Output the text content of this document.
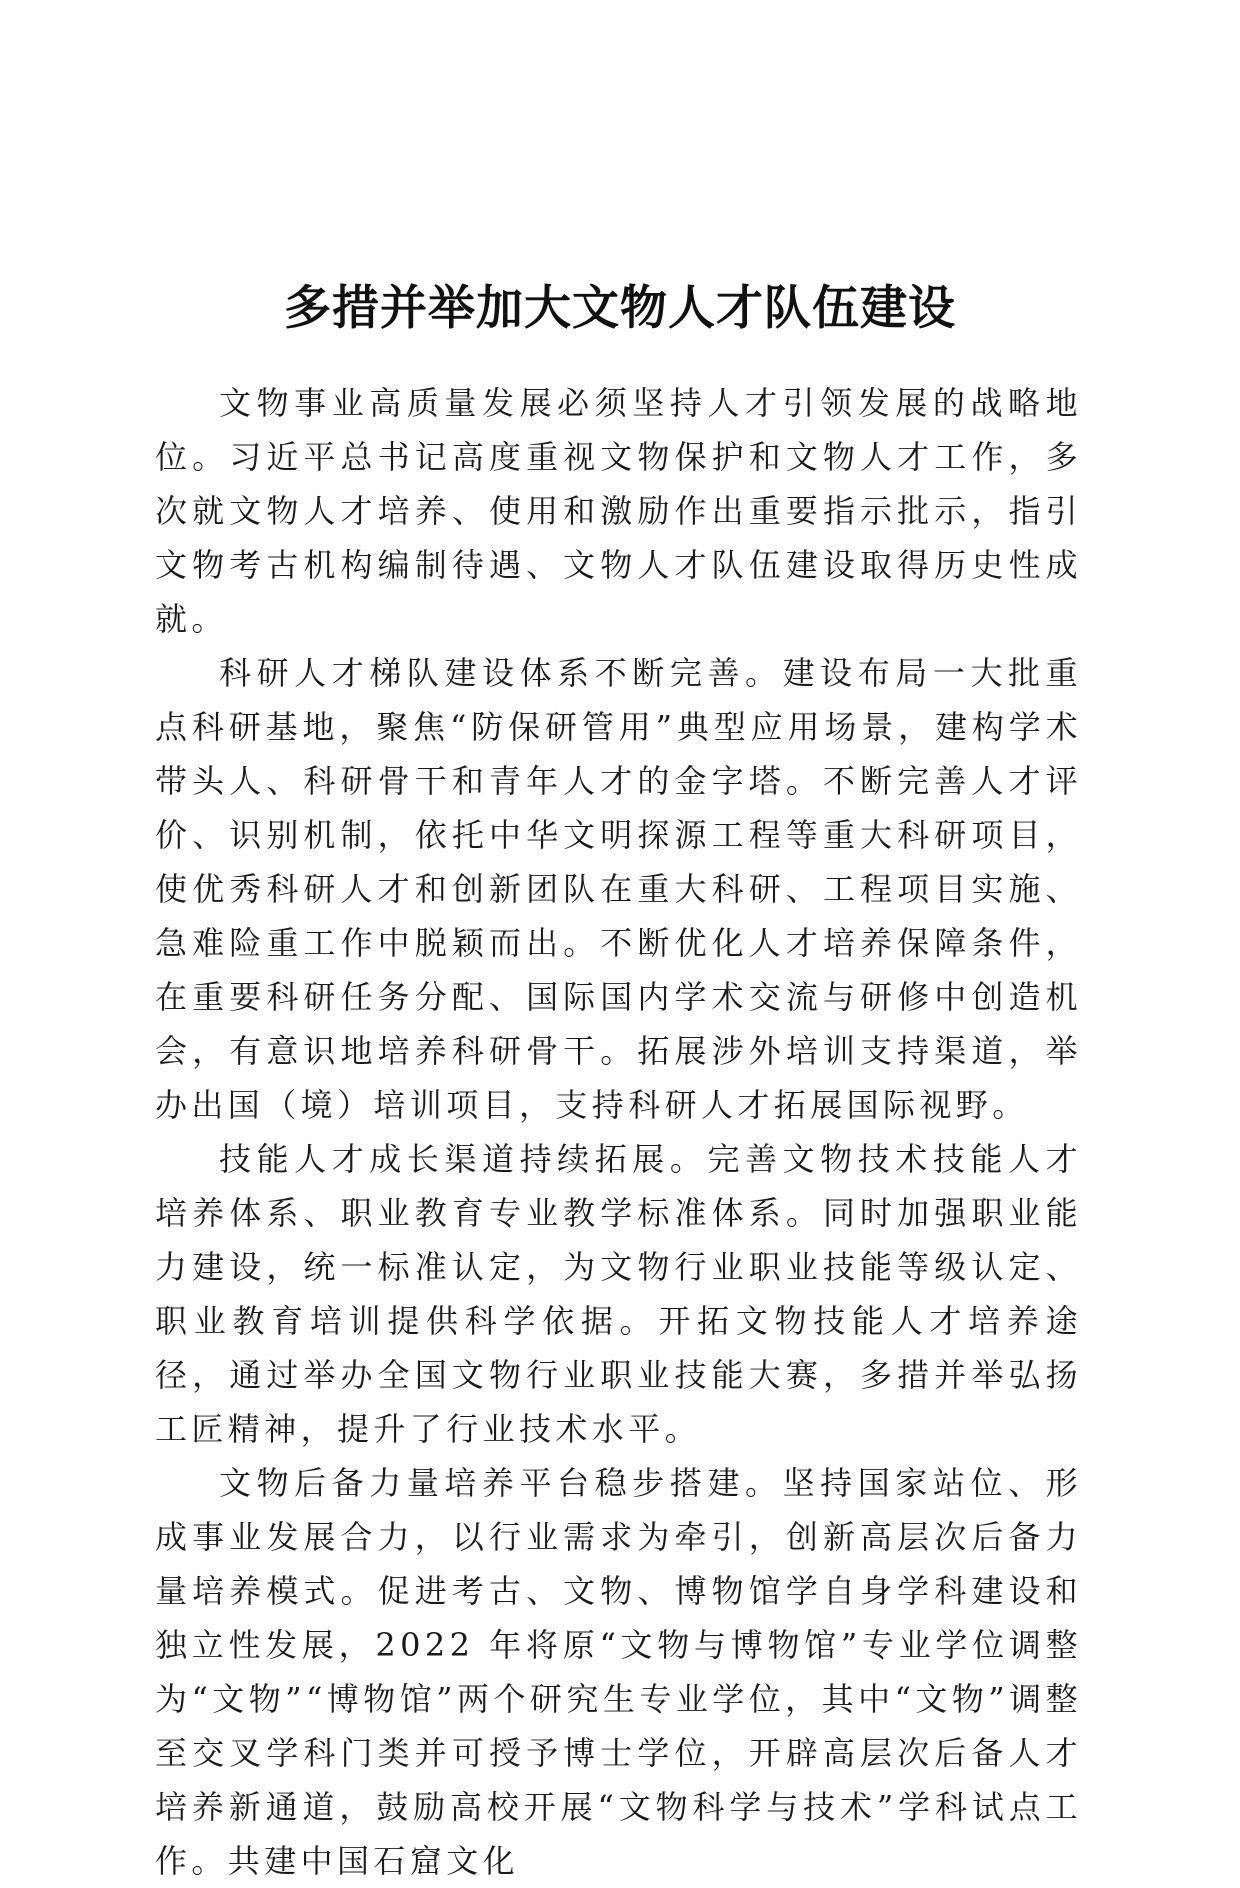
多措并举加大文物人才队伍建设

文物事业高质量发展必须坚持人才引领发展的战略地位。习近平总书记高度重视文物保护和文物人才工作，多次就文物人才培养、使用和激励作出重要指示批示，指引文物考古机构编制待遇、文物人才队伍建设取得历史性成就。

科研人才梯队建设体系不断完善。建设布局一大批重点科研基地，聚焦“防保研管用”典型应用场景，建构学术带头人、科研骨干和青年人才的金字塔。不断完善人才评价、识别机制，依托中华文明探源工程等重大科研项目，使优秀科研人才和创新团队在重大科研、工程项目实施、急难险重工作中脱颖而出。不断优化人才培养保障条件，在重要科研任务分配、国际国内学术交流与研修中创造机会，有意识地培养科研骨干。拓展涉外培训支持渠道，举办出国（境）培训项目，支持科研人才拓展国际视野。

技能人才成长渠道持续拓展。完善文物技术技能人才培养体系、职业教育专业教学标准体系。同时加强职业能力建设，统一标准认定，为文物行业职业技能等级认定、职业教育培训提供科学依据。开拓文物技能人才培养途径，通过举办全国文物行业职业技能大赛，多措并举弘扬工匠精神，提升了行业技术水平。

文物后备力量培养平台稳步搭建。坚持国家站位、形成事业发展合力，以行业需求为牵引，创新高层次后备力量培养模式。促进考古、文物、博物馆学自身学科建设和独立性发展，2022 年将原“文物与博物馆”专业学位调整为“文物”“博物馆”两个研究生专业学位，其中“文物”调整至交叉学科门类并可授予博士学位，开辟高层次后备人才培养新通道，鼓励高校开展“文物科学与技术”学科试点工作。共建中国石窟文化
